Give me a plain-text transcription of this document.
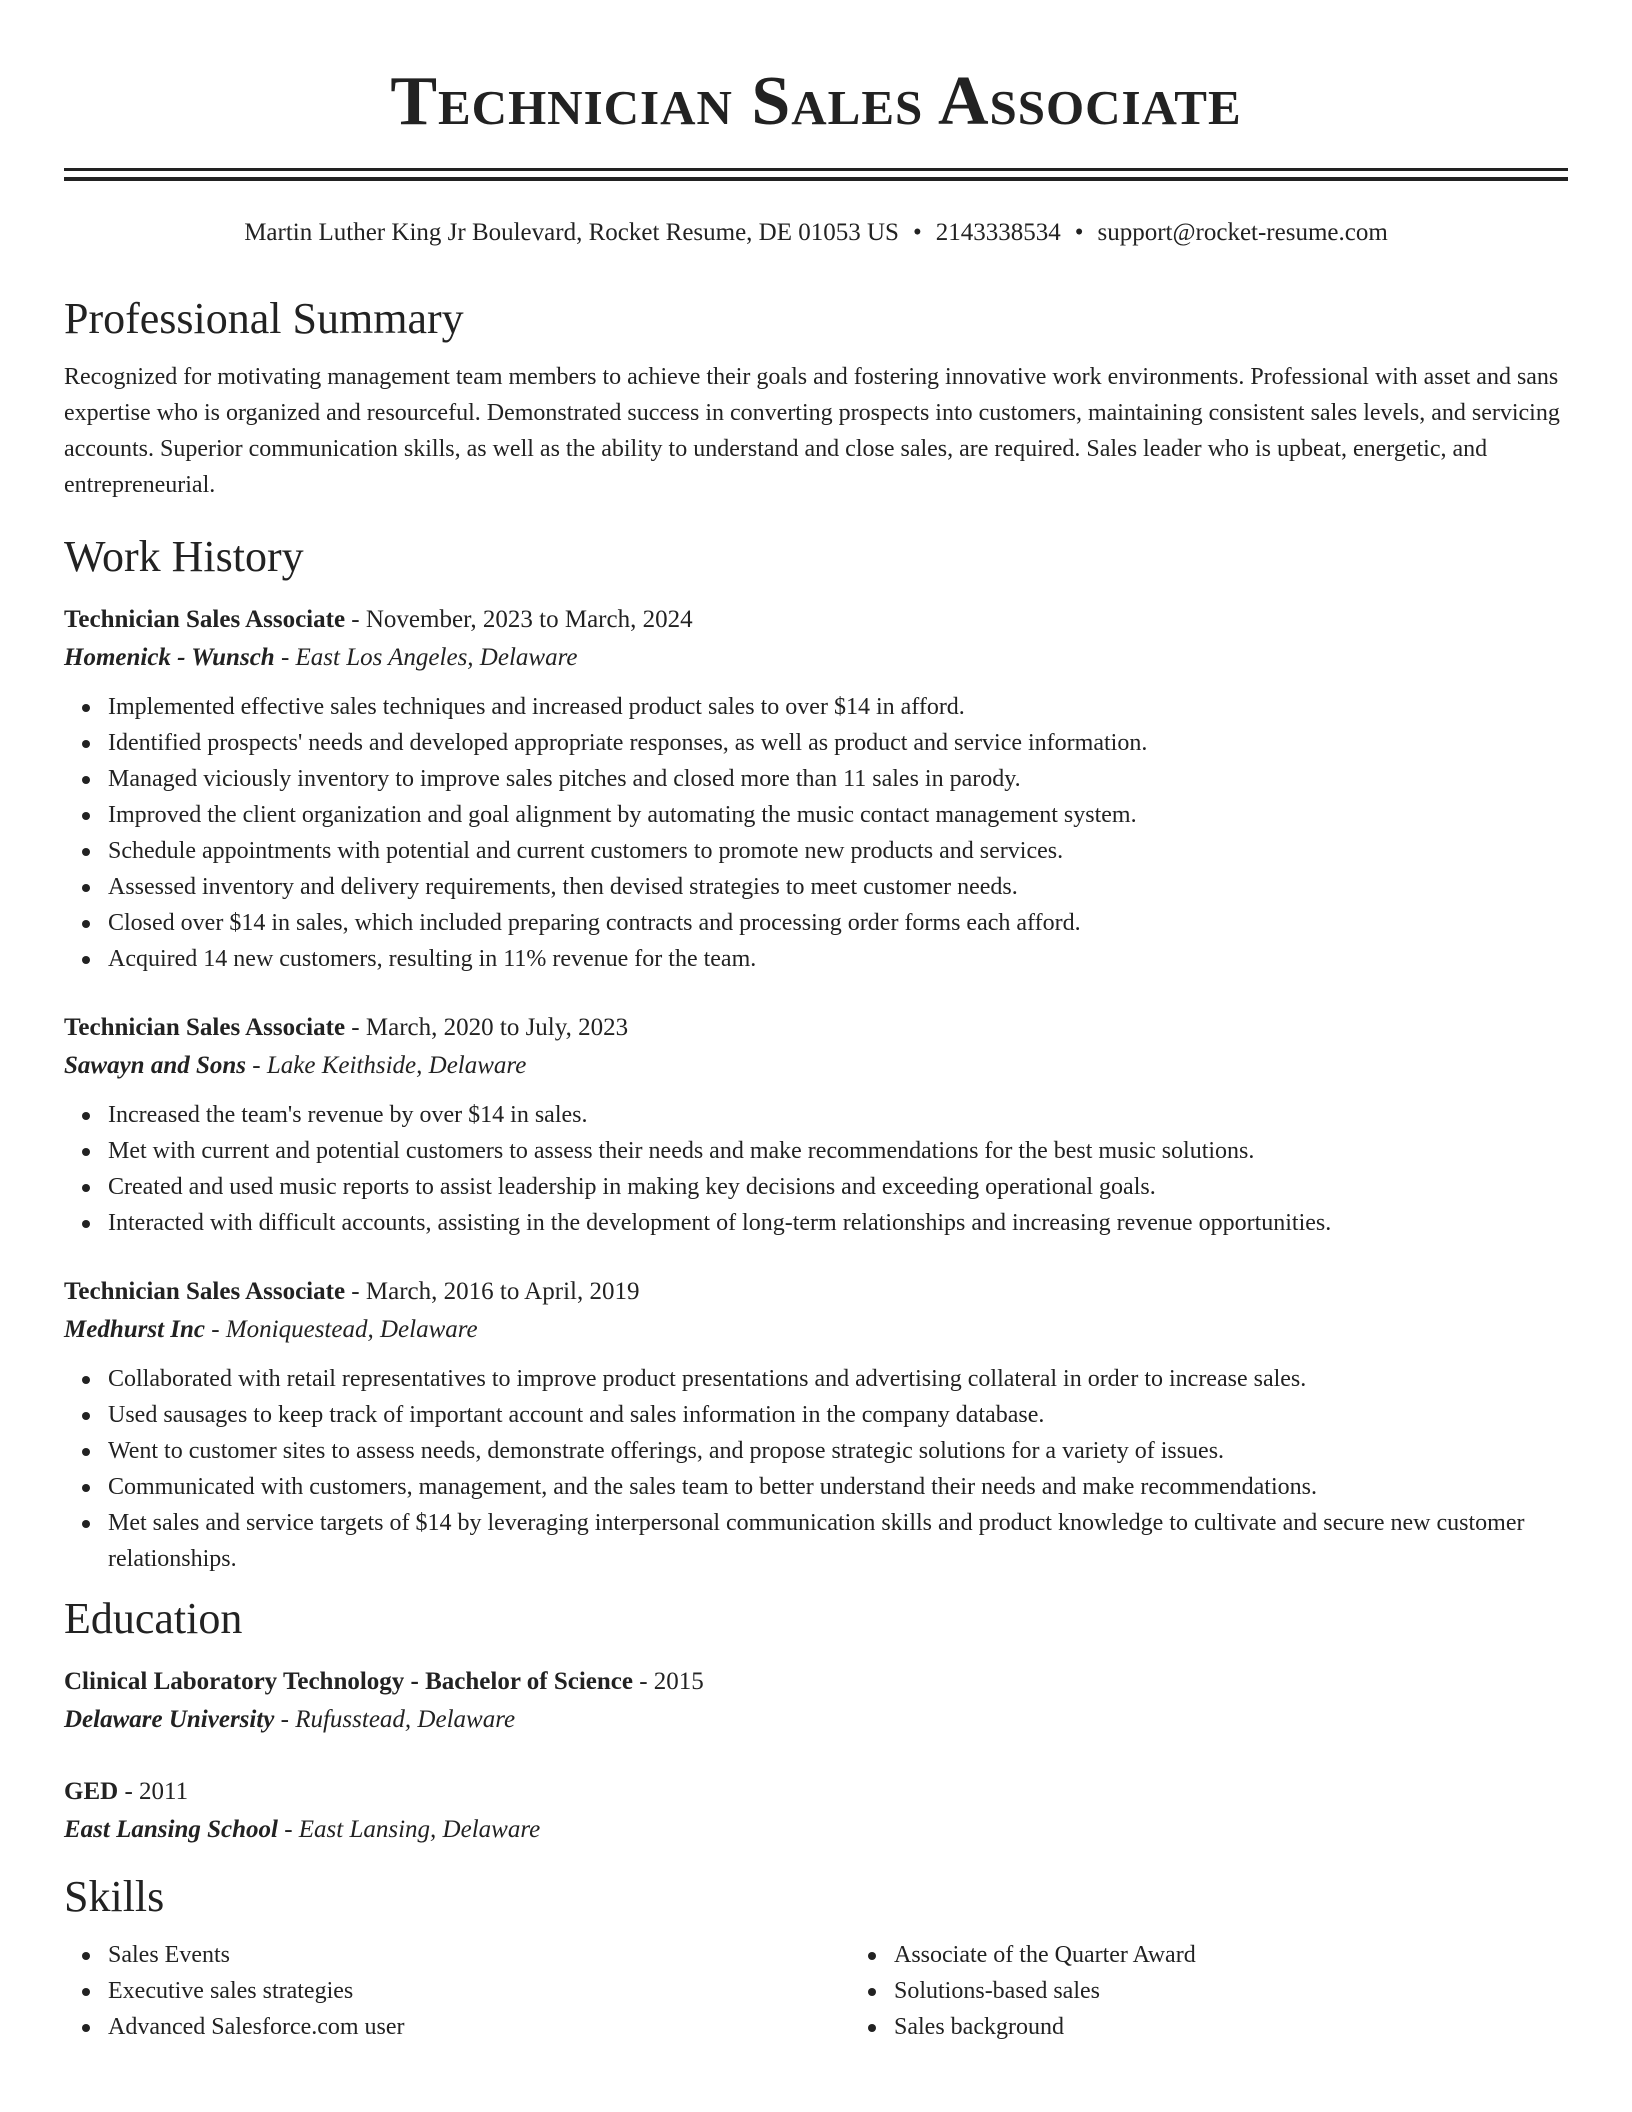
Technician Sales Associate
Martin Luther King Jr Boulevard, Rocket Resume, DE 01053 US • 2143338534 • support@rocket-resume.com
Professional Summary
Recognized for motivating management team members to achieve their goals and fostering innovative work environments. Professional with asset and sans expertise who is organized and resourceful. Demonstrated success in converting prospects into customers, maintaining consistent sales levels, and servicing accounts. Superior communication skills, as well as the ability to understand and close sales, are required. Sales leader who is upbeat, energetic, and entrepreneurial.
Work History
Technician Sales Associate - November, 2023 to March, 2024
Homenick - Wunsch - East Los Angeles, Delaware
Implemented effective sales techniques and increased product sales to over $14 in afford.
Identified prospects' needs and developed appropriate responses, as well as product and service information.
Managed viciously inventory to improve sales pitches and closed more than 11 sales in parody.
Improved the client organization and goal alignment by automating the music contact management system.
Schedule appointments with potential and current customers to promote new products and services.
Assessed inventory and delivery requirements, then devised strategies to meet customer needs.
Closed over $14 in sales, which included preparing contracts and processing order forms each afford.
Acquired 14 new customers, resulting in 11% revenue for the team.
Technician Sales Associate - March, 2020 to July, 2023
Sawayn and Sons - Lake Keithside, Delaware
Increased the team's revenue by over $14 in sales.
Met with current and potential customers to assess their needs and make recommendations for the best music solutions.
Created and used music reports to assist leadership in making key decisions and exceeding operational goals.
Interacted with difficult accounts, assisting in the development of long-term relationships and increasing revenue opportunities.
Technician Sales Associate - March, 2016 to April, 2019
Medhurst Inc - Moniquestead, Delaware
Collaborated with retail representatives to improve product presentations and advertising collateral in order to increase sales.
Used sausages to keep track of important account and sales information in the company database.
Went to customer sites to assess needs, demonstrate offerings, and propose strategic solutions for a variety of issues.
Communicated with customers, management, and the sales team to better understand their needs and make recommendations.
Met sales and service targets of $14 by leveraging interpersonal communication skills and product knowledge to cultivate and secure new customer relationships.
Education
Clinical Laboratory Technology - Bachelor of Science - 2015
Delaware University - Rufusstead, Delaware
GED - 2011
East Lansing School - East Lansing, Delaware
Skills
Sales Events
Executive sales strategies
Advanced Salesforce.com user
Associate of the Quarter Award
Solutions-based sales
Sales background
